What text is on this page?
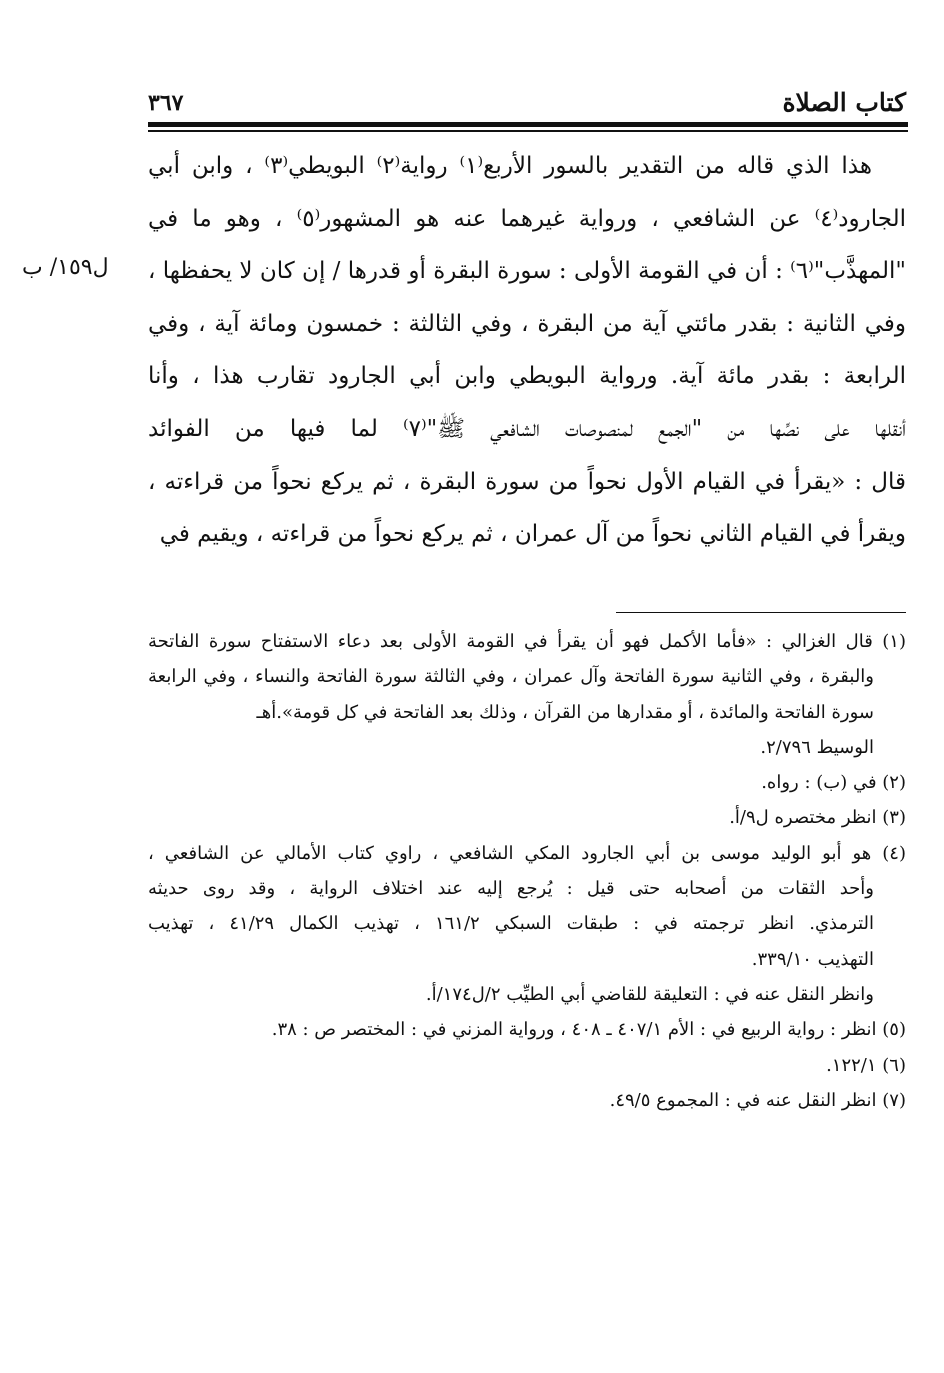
كتاب الصلاة
٣٦٧
ل١٥٩/ ب
هذا الذي قاله من التقدير بالسور الأربع⁽١⁾ رواية⁽٢⁾ البويطي⁽٣⁾ ، وابن أبي
الجارود⁽٤⁾ عن الشافعي ، ورواية غيرهما عنه هو المشهور⁽٥⁾ ، وهو ما في
"المهذَّب"⁽٦⁾ : أن في القومة الأولى : سورة البقرة أو قدرها / إن كان لا يحفظها ،
وفي الثانية : بقدر مائتي آية من البقرة ، وفي الثالثة : خمسون ومائة آية ، وفي
الرابعة : بقدر مائة آية. ورواية البويطي وابن أبي الجارود تقارب هذا ، وأنا
أنقلها على نصِّها من "الجمع لمنصوصات الشافعي ﷺ"⁽٧⁾ لما فيها من الفوائد
قال : «يقرأ في القيام الأول نحواً من سورة البقرة ، ثم يركع نحواً من قراءته ،
ويقرأ في القيام الثاني نحواً من آل عمران ، ثم يركع نحواً من قراءته ، ويقيم في
(١) قال الغزالي : «فأما الأكمل فهو أن يقرأ في القومة الأولى بعد دعاء الاستفتاح سورة الفاتحة
والبقرة ، وفي الثانية سورة الفاتحة وآل عمران ، وفي الثالثة سورة الفاتحة والنساء ، وفي الرابعة
سورة الفاتحة والمائدة ، أو مقدارها من القرآن ، وذلك بعد الفاتحة في كل قومة».أهـ
الوسيط ٢/٧٩٦.
(٢) في (ب) : رواه.
(٣) انظر مختصره ل٩/أ.
(٤) هو أبو الوليد موسى بن أبي الجارود المكي الشافعي ، راوي كتاب الأمالي عن الشافعي ،
وأحد الثقات من أصحابه حتى قيل : يُرجع إليه عند اختلاف الرواية ، وقد روى حديثه
الترمذي. انظر ترجمته في : طبقات السبكي ١٦١/٢ ، تهذيب الكمال ٤١/٢٩ ، تهذيب
التهذيب ٣٣٩/١٠.
وانظر النقل عنه في : التعليقة للقاضي أبي الطيِّب ٢/ل١٧٤/أ.
(٥) انظر : رواية الربيع في : الأم ٤٠٧/١ ـ ٤٠٨ ، ورواية المزني في : المختصر ص : ٣٨.
(٦) ١٢٢/١.
(٧) انظر النقل عنه في : المجموع ٤٩/٥.
